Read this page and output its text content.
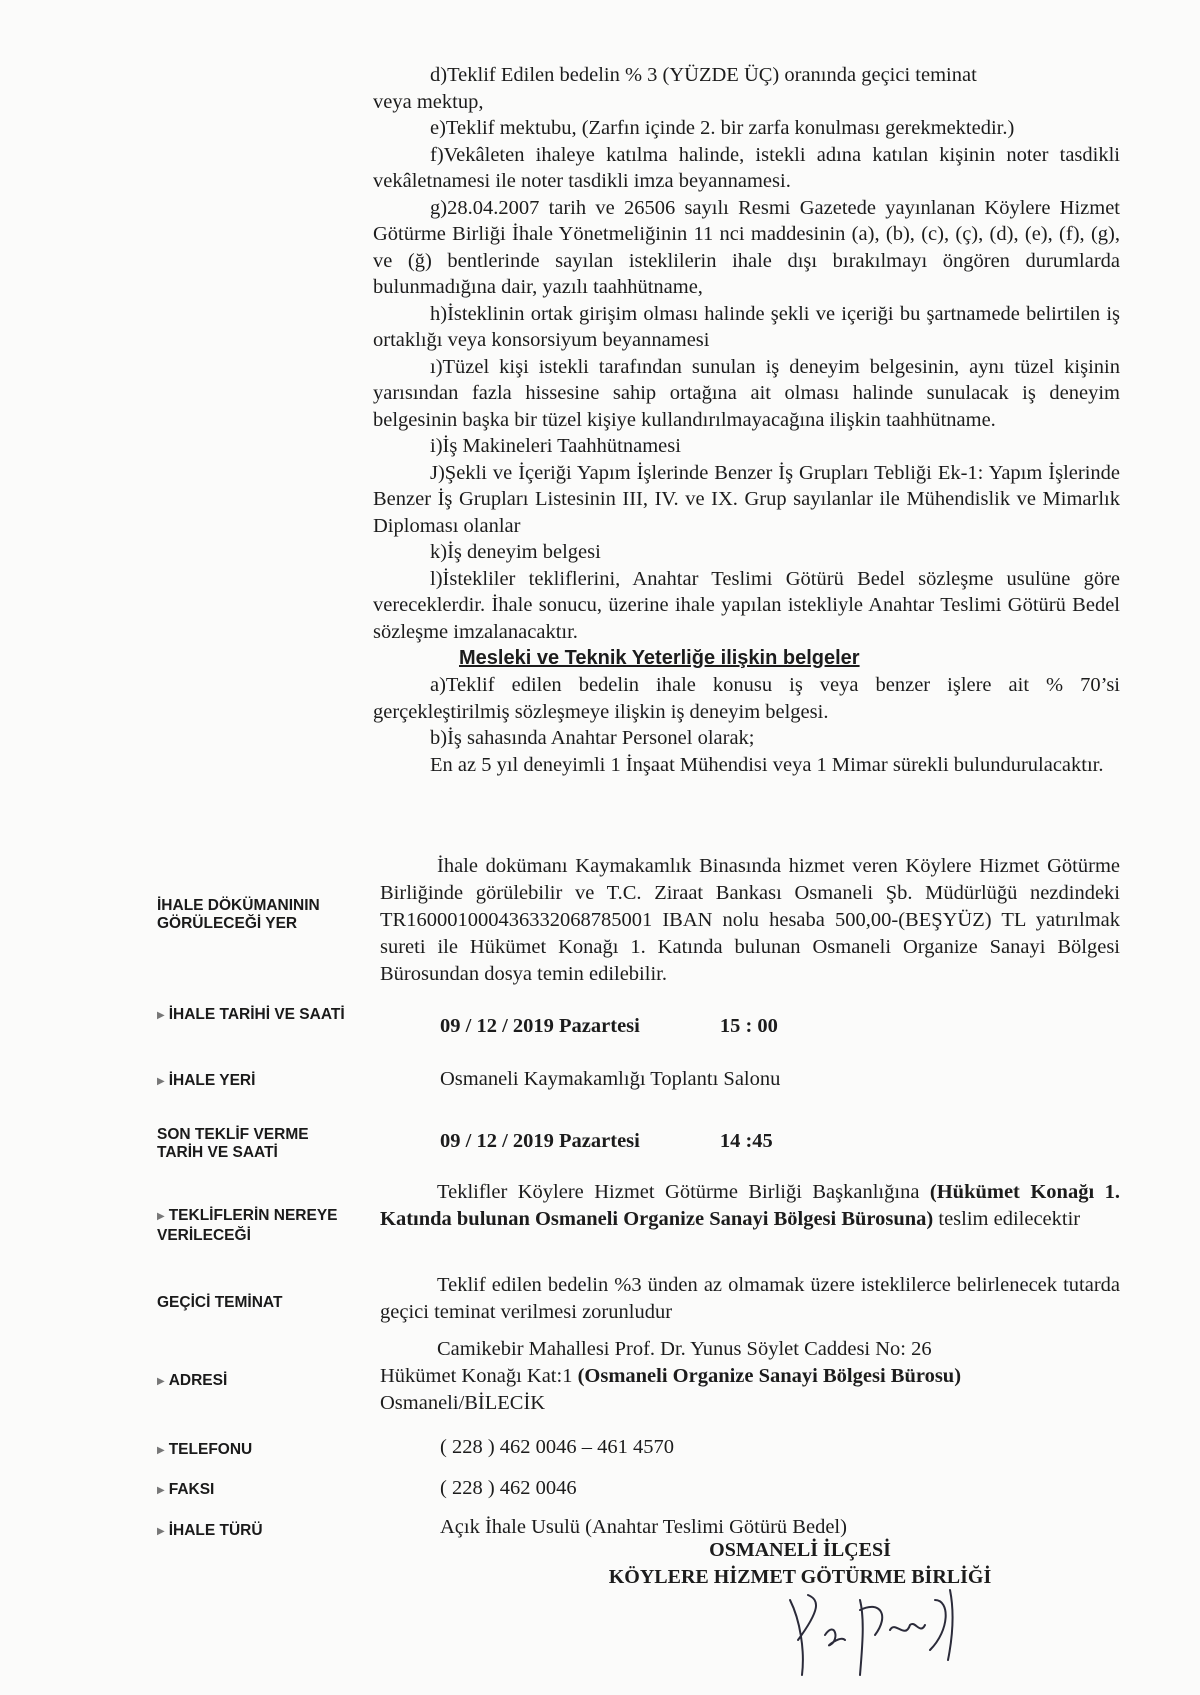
d)Teklif Edilen bedelin % 3 (YÜZDE ÜÇ) oranında geçici teminat

veya mektup,

e)Teklif mektubu, (Zarfın içinde 2. bir zarfa konulması gerekmektedir.)

f)Vekâleten ihaleye katılma halinde, istekli adına katılan kişinin noter tasdikli vekâletnamesi ile noter tasdikli imza beyannamesi.

g)28.04.2007 tarih ve 26506 sayılı Resmi Gazetede yayınlanan Köylere Hizmet Götürme Birliği İhale Yönetmeliğinin 11 nci maddesinin (a), (b), (c), (ç), (d), (e), (f), (g), ve (ğ) bentlerinde sayılan isteklilerin ihale dışı bırakılmayı öngören durumlarda bulunmadığına dair, yazılı taahhütname,

h)İsteklinin ortak girişim olması halinde şekli ve içeriği bu şartnamede belirtilen iş ortaklığı veya konsorsiyum beyannamesi

ı)Tüzel kişi istekli tarafından sunulan iş deneyim belgesinin, aynı tüzel kişinin yarısından fazla hissesine sahip ortağına ait olması halinde sunulacak iş deneyim belgesinin başka bir tüzel kişiye kullandırılmayacağına ilişkin taahhütname.

i)İş Makineleri Taahhütnamesi

J)Şekli ve İçeriği Yapım İşlerinde Benzer İş Grupları Tebliği Ek-1: Yapım İşlerinde Benzer İş Grupları Listesinin III, IV. ve IX. Grup sayılanlar ile Mühendislik ve Mimarlık Diploması olanlar

k)İş deneyim belgesi

l)İstekliler tekliflerini, Anahtar Teslimi Götürü Bedel sözleşme usulüne göre vereceklerdir. İhale sonucu, üzerine ihale yapılan istekliyle Anahtar Teslimi Götürü Bedel sözleşme imzalanacaktır.

Mesleki ve Teknik Yeterliğe ilişkin belgeler

a)Teklif edilen bedelin ihale konusu iş veya benzer işlere ait % 70’si gerçekleştirilmiş sözleşmeye ilişkin iş deneyim belgesi.

b)İş sahasında Anahtar Personel olarak;

En az 5 yıl deneyimli 1 İnşaat Mühendisi veya 1 Mimar sürekli bulundurulacaktır.

İHALE DÖKÜMANININ GÖRÜLECEĞİ YER

İhale dokümanı Kaymakamlık Binasında hizmet veren Köylere Hizmet Götürme Birliğinde görülebilir ve T.C. Ziraat Bankası Osmaneli Şb. Müdürlüğü nezdindeki TR160001000436332068785001 IBAN nolu hesaba 500,00-(BEŞYÜZ) TL yatırılmak sureti ile Hükümet Konağı 1. Katında bulunan Osmaneli Organize Sanayi Bölgesi Bürosundan dosya temin edilebilir.

▶ İHALE TARİHİ VE SAATİ
09 / 12 / 2019 Pazartesi	15 : 00
▶ İHALE YERİ	Osmaneli Kaymakamlığı Toplantı Salonu
SON TEKLİF VERME TARİH VE SAATİ
09 / 12 / 2019 Pazartesi	14 :45
▶ TEKLİFLERİN NEREYE VERİLECEĞİ

Teklifler Köylere Hizmet Götürme Birliği Başkanlığına (Hükümet Konağı 1. Katında bulunan Osmaneli Organize Sanayi Bölgesi Bürosuna) teslim edilecektir

GEÇİCİ TEMİNAT

Teklif edilen bedelin %3 ünden az olmamak üzere isteklilerce belirlenecek tutarda geçici teminat verilmesi zorunludur

▶ ADRESİ

Camikebir Mahallesi Prof. Dr. Yunus Söylet Caddesi No: 26

Hükümet Konağı Kat:1 (Osmaneli Organize Sanayi Bölgesi Bürosu)

Osmaneli/BİLECİK

▶ TELEFONU	( 228 ) 462 0046 – 461 4570
▶ FAKSI	( 228 ) 462 0046
▶ İHALE TÜRÜ	Açık İhale Usulü (Anahtar Teslimi Götürü Bedel)
OSMANELİ İLÇESİ
KÖYLERE HİZMET GÖTÜRME BİRLİĞİ
